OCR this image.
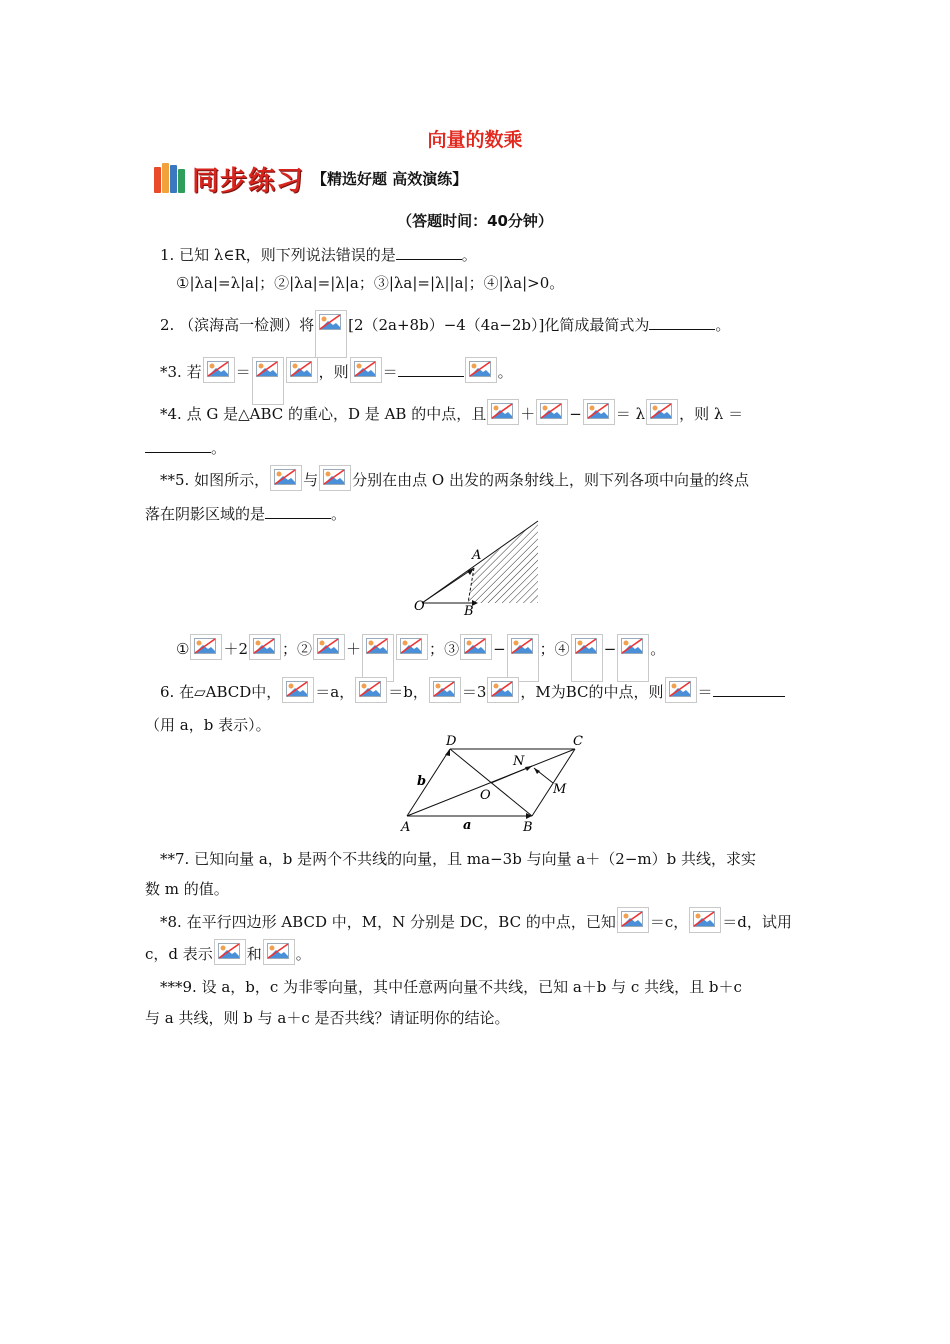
向量的数乘
同步练习 【精选好题 高效演练】
（答题时间：40分钟）
1. 已知 λ∈R，则下列说法错误的是	。
①|λa|=λ|a|；②|λa|=|λ|a；③|λa|=|λ||a|；④|λa|>0。
2. （滨海高一检测）将 [2（2a+8b）−4（4a−2b）]化简成最简式为	。
*3. 若 ＝	，则 ＝	。
*4. 点 G 是△ABC 的重心，D 是 AB 的中点，且 ＋ − ＝ λ ，则 λ ＝
。
**5. 如图所示， 与 分别在由点 O 出发的两条射线上，则下列各项中向量的终点
落在阴影区域的是	。
A
O	B
① ＋2 ；② ＋	；③ − ；④ − 。
6. 在▱ABCD中， ＝a， ＝b， ＝3 ，M为BC的中点，则 ＝
（用 a，b 表示）。
D	C
N
b
M
O
A	a	B
**7. 已知向量 a，b 是两个不共线的向量，且 ma−3b 与向量 a＋（2−m）b 共线，求实
数 m 的值。
*8. 在平行四边形 ABCD 中，M，N 分别是 DC，BC 的中点，已知 ＝c， ＝d，试用
c，d 表示 和 。
***9. 设 a，b，c 为非零向量，其中任意两向量不共线，已知 a＋b 与 c 共线，且 b＋c
与 a 共线，则 b 与 a＋c 是否共线？请证明你的结论。
